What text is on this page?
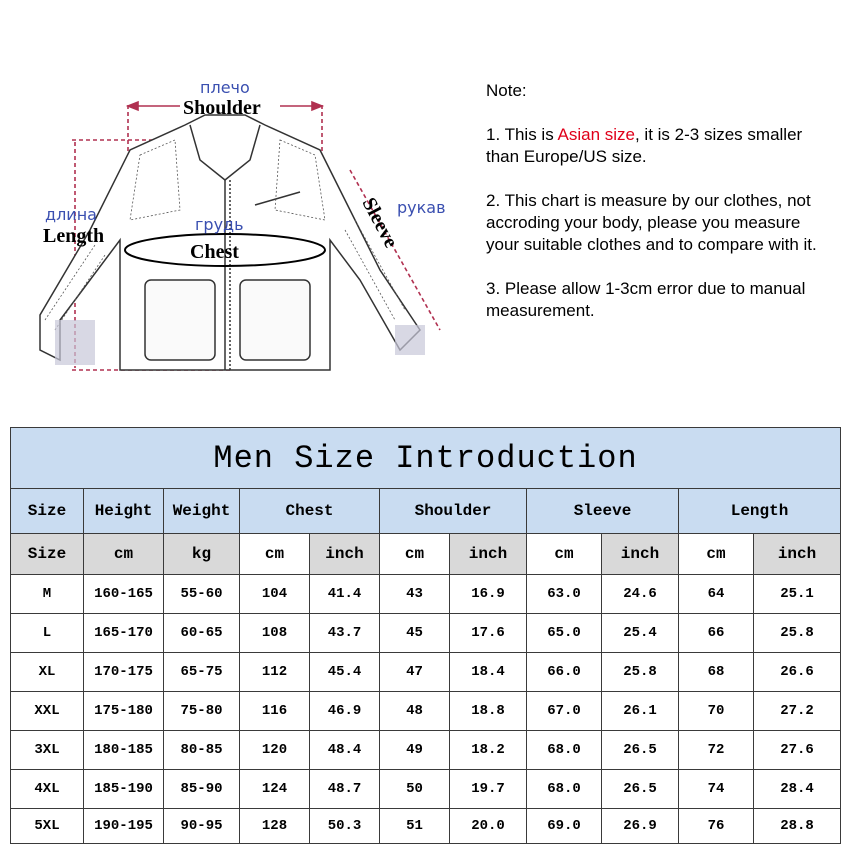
плечо
Shoulder
длина
Length
грудь
Chest
рукав
Sleeve

Note:

1. This is Asian size, it is 2-3 sizes smaller than Europe/US size.

2. This chart is measure by our clothes, not accroding your body, please you measure your suitable clothes and to compare with it.

3. Please allow 1-3cm error due to manual measurement.

Men Size Introduction										
Size	Height	Weight	Chest		Shoulder		Sleeve		Length	
Size	cm	kg	cm	inch	cm	inch	cm	inch	cm	inch
M	160-165	55-60	104	41.4	43	16.9	63.0	24.6	64	25.1
L	165-170	60-65	108	43.7	45	17.6	65.0	25.4	66	25.8
XL	170-175	65-75	112	45.4	47	18.4	66.0	25.8	68	26.6
XXL	175-180	75-80	116	46.9	48	18.8	67.0	26.1	70	27.2
3XL	180-185	80-85	120	48.4	49	18.2	68.0	26.5	72	27.6
4XL	185-190	85-90	124	48.7	50	19.7	68.0	26.5	74	28.4
5XL	190-195	90-95	128	50.3	51	20.0	69.0	26.9	76	28.8
